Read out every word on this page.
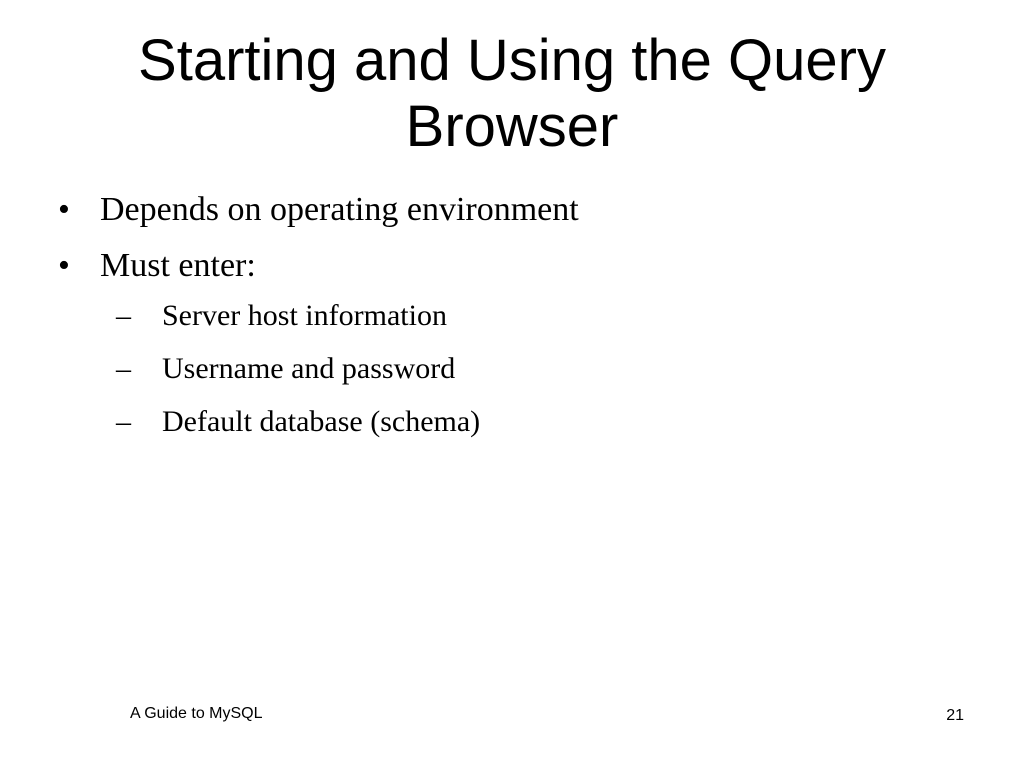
Starting and Using the Query
Browser
• Depends on operating environment
• Must enter:
–	Server host information
–	Username and password
–	Default database (schema)
A Guide to MySQL	21
